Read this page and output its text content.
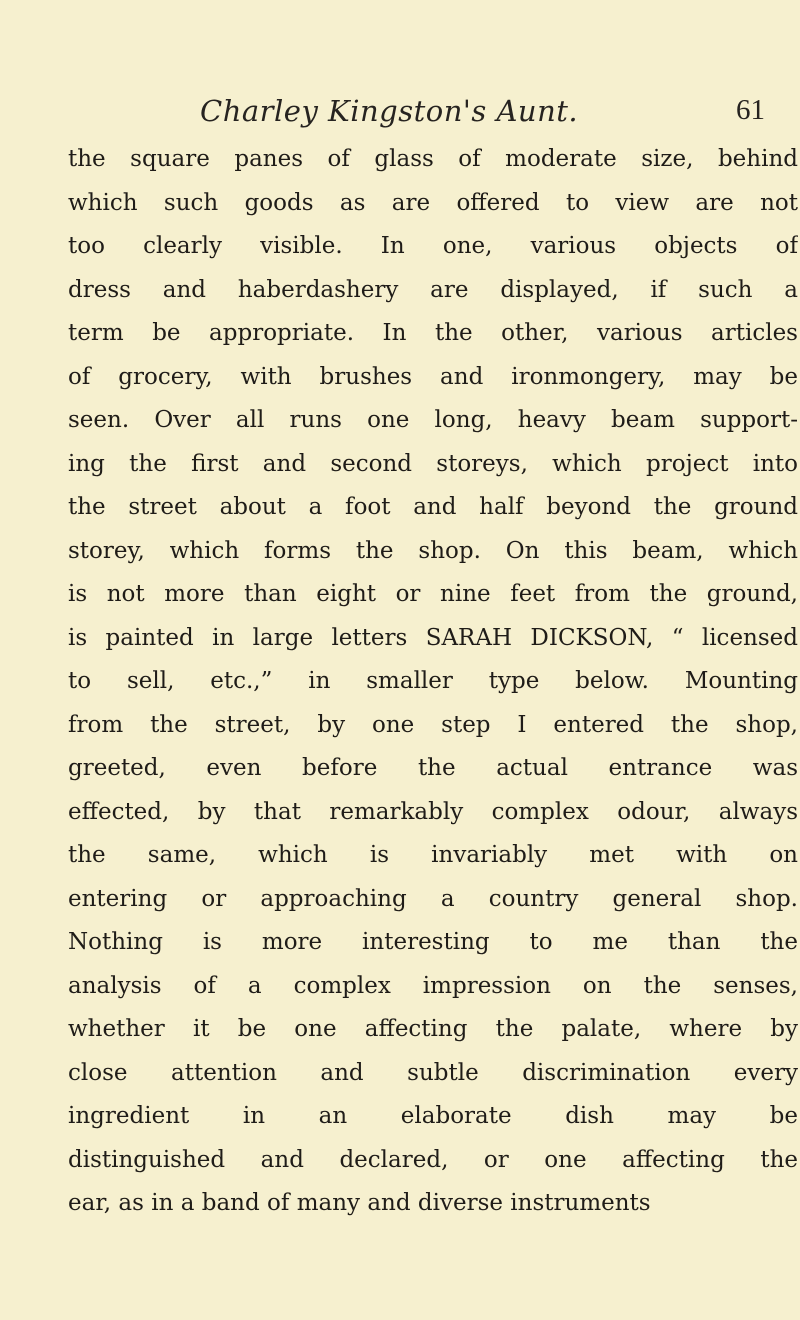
Charley Kingston's Aunt.	61
the square panes of glass of moderate size, behind
which such goods as are offered to view are not
too clearly visible. In one, various objects of
dress and haberdashery are displayed, if such a
term be appropriate. In the other, various articles
of grocery, with brushes and ironmongery, may be
seen. Over all runs one long, heavy beam support-
ing the first and second storeys, which project into
the street about a foot and half beyond the ground
storey, which forms the shop. On this beam, which
is not more than eight or nine feet from the ground,
is painted in large letters SARAH DICKSON, “ licensed
to sell, etc.,” in smaller type below. Mounting
from the street, by one step I entered the shop,
greeted, even before the actual entrance was
effected, by that remarkably complex odour, always
the same, which is invariably met with on
entering or approaching a country general shop.
Nothing is more interesting to me than the
analysis of a complex impression on the senses,
whether it be one affecting the palate, where by
close attention and subtle discrimination every
ingredient in an elaborate dish may be
distinguished and declared, or one affecting the
ear, as in a band of many and diverse instruments
